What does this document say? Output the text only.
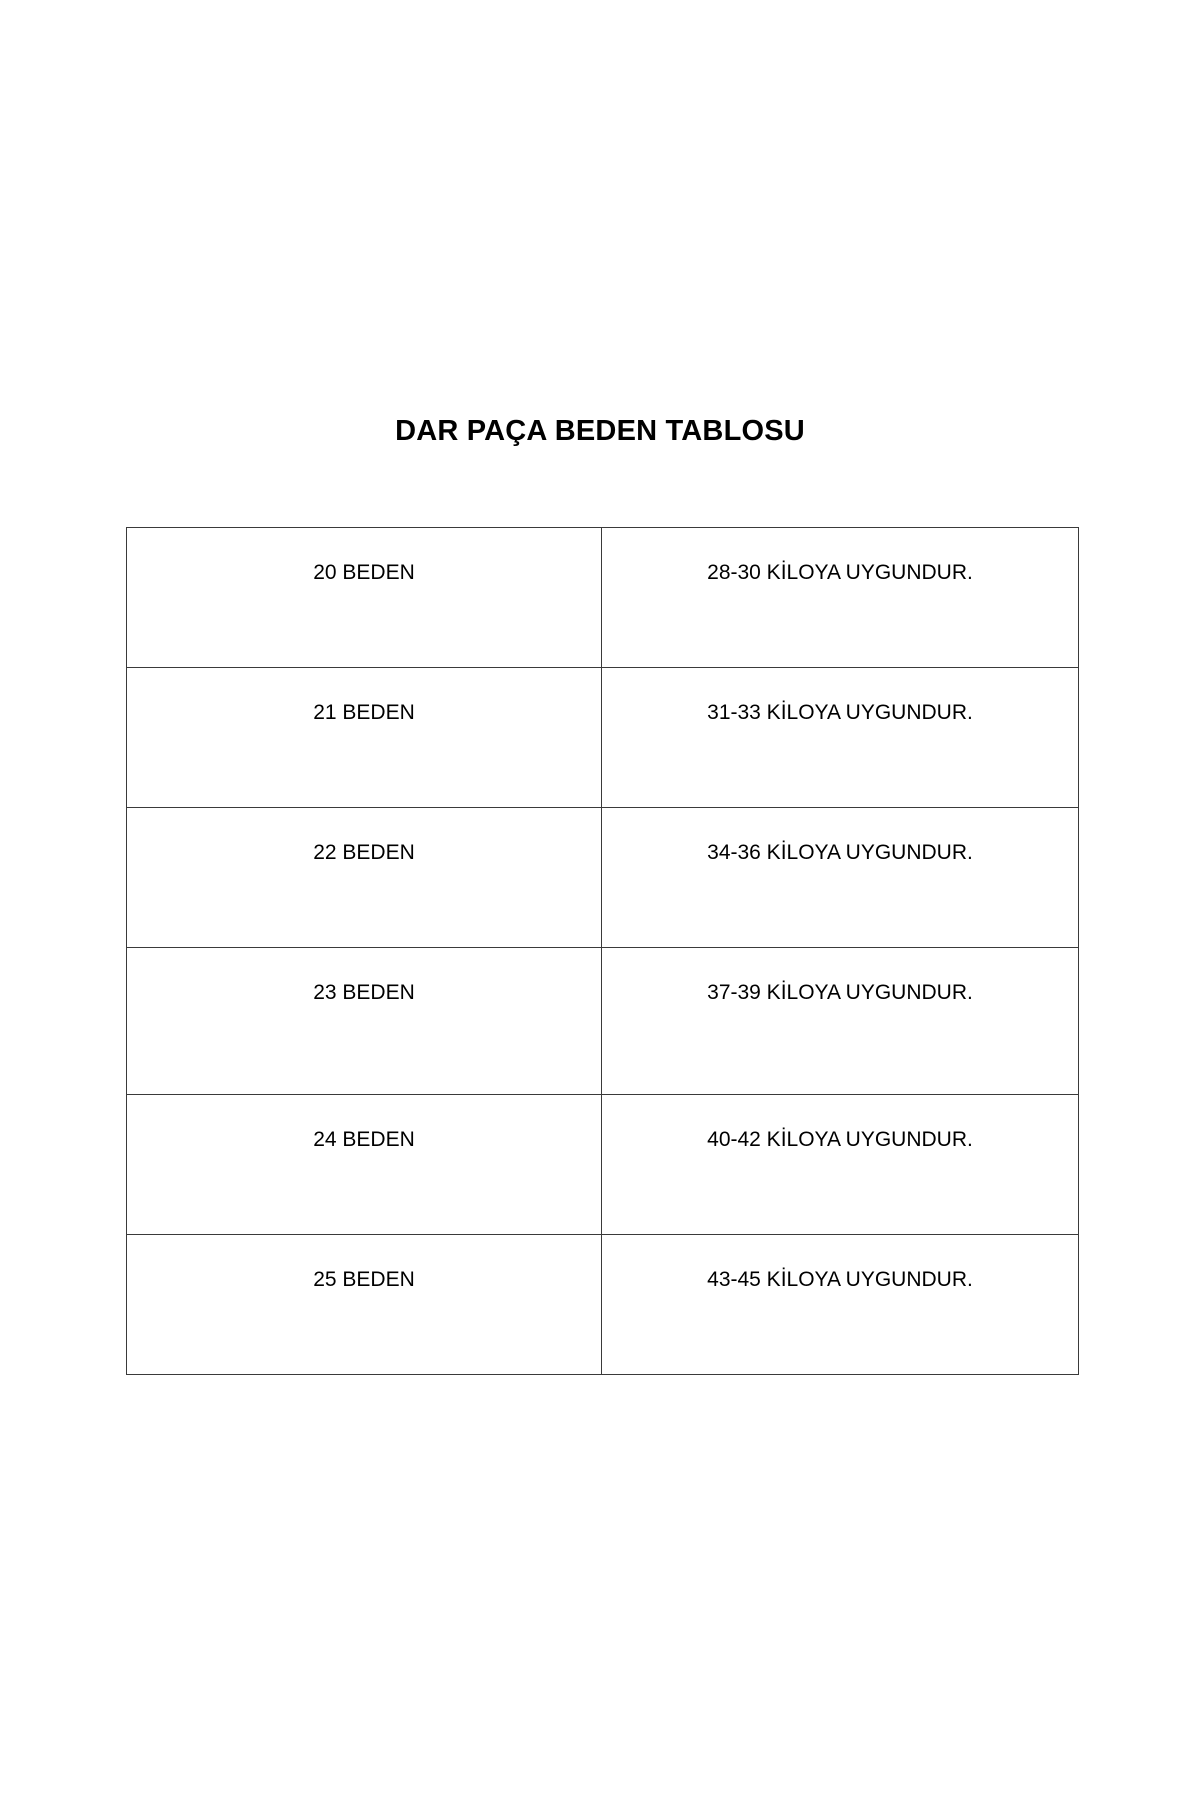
DAR PAÇA BEDEN TABLOSU
20 BEDEN	28-30 KİLOYA UYGUNDUR.
21 BEDEN	31-33 KİLOYA UYGUNDUR.
22 BEDEN	34-36 KİLOYA UYGUNDUR.
23 BEDEN	37-39 KİLOYA UYGUNDUR.
24 BEDEN	40-42 KİLOYA UYGUNDUR.
25 BEDEN	43-45 KİLOYA UYGUNDUR.
